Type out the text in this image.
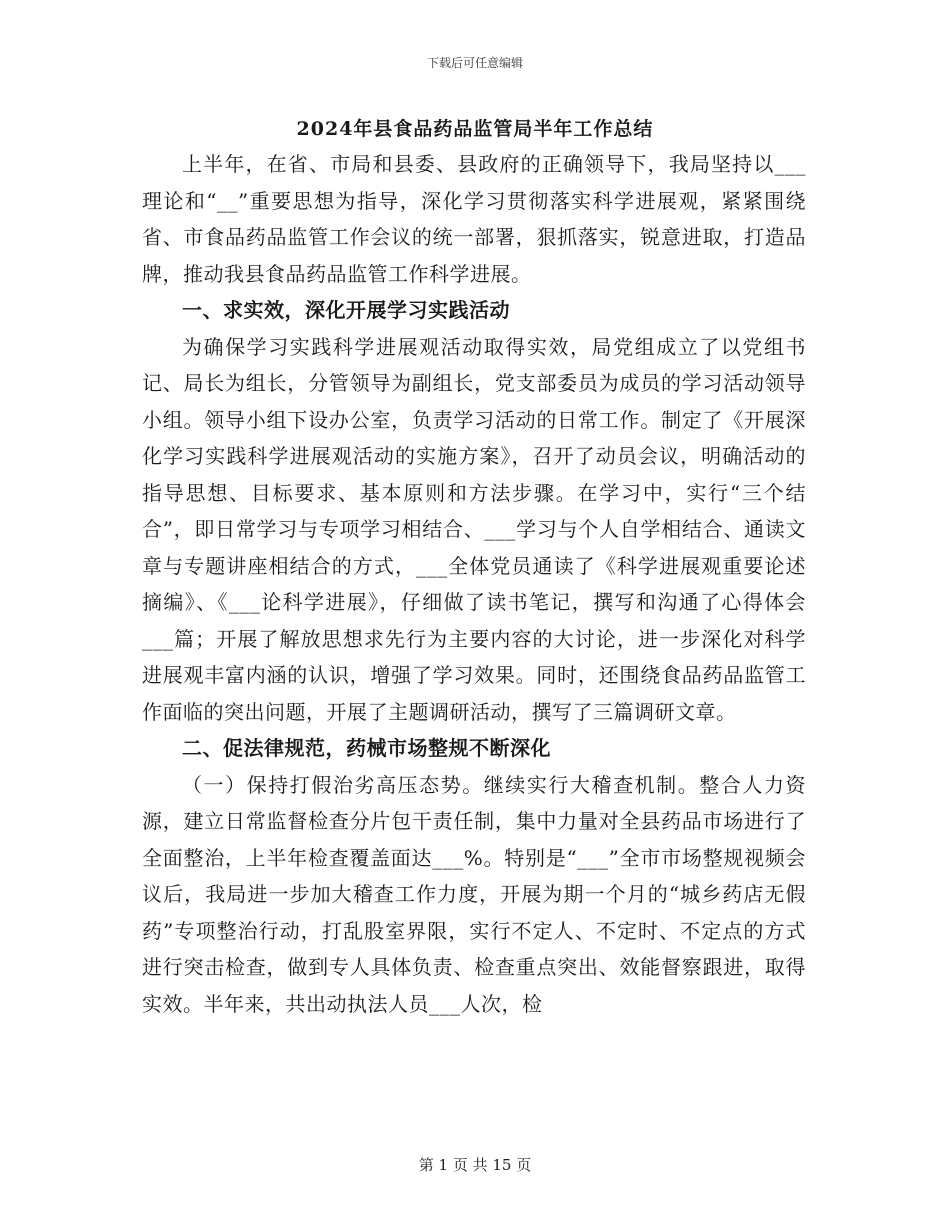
下载后可任意编辑
2024年县食品药品监管局半年工作总结

上半年，在省、市局和县委、县政府的正确领导下，我局坚持以___理论和“__”重要思想为指导，深化学习贯彻落实科学进展观，紧紧围绕省、市食品药品监管工作会议的统一部署，狠抓落实，锐意进取，打造品牌，推动我县食品药品监管工作科学进展。

一、求实效，深化开展学习实践活动

为确保学习实践科学进展观活动取得实效，局党组成立了以党组书记、局长为组长，分管领导为副组长，党支部委员为成员的学习活动领导小组。领导小组下设办公室，负责学习活动的日常工作。制定了《开展深化学习实践科学进展观活动的实施方案》，召开了动员会议，明确活动的指导思想、目标要求、基本原则和方法步骤。在学习中，实行“三个结合”，即日常学习与专项学习相结合、___学习与个人自学相结合、通读文章与专题讲座相结合的方式，___全体党员通读了《科学进展观重要论述摘编》、《___论科学进展》，仔细做了读书笔记，撰写和沟通了心得体会___篇；开展了解放思想求先行为主要内容的大讨论，进一步深化对科学进展观丰富内涵的认识，增强了学习效果。同时，还围绕食品药品监管工作面临的突出问题，开展了主题调研活动，撰写了三篇调研文章。

二、促法律规范，药械市场整规不断深化

（一）保持打假治劣高压态势。继续实行大稽查机制。整合人力资源，建立日常监督检查分片包干责任制，集中力量对全县药品市场进行了全面整治，上半年检查覆盖面达___%。特别是“___”全市市场整规视频会议后，我局进一步加大稽查工作力度，开展为期一个月的“城乡药店无假药”专项整治行动，打乱股室界限，实行不定人、不定时、不定点的方式进行突击检查，做到专人具体负责、检查重点突出、效能督察跟进，取得实效。半年来，共出动执法人员___人次，检

第 1 页 共 15 页
